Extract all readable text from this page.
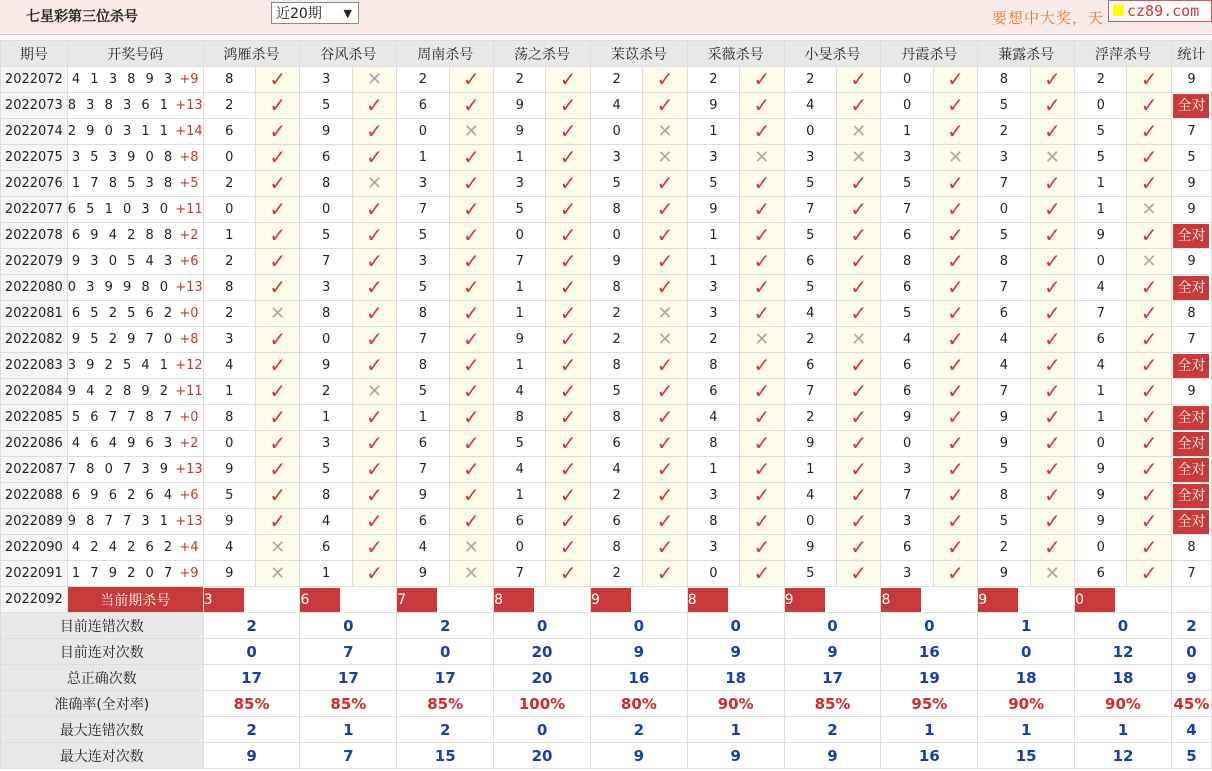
七星彩第三位杀号	近20期 ▼	要想中大奖，天	cz89.com
期号	开奖号码	鸿雁杀号		谷风杀号		周南杀号		荡之杀号		茉苡杀号		采薇杀号		小旻杀号		丹霞杀号		蒹露杀号		浮萍杀号		统计
2022072	4 1 3 8 9 3 +9	8	✓	3	✕	2	✓	2	✓	2	✓	2	✓	2	✓	0	✓	8	✓	2	✓	9
2022073	8 3 8 3 6 1 +13	2	✓	5	✓	6	✓	9	✓	4	✓	9	✓	4	✓	0	✓	5	✓	0	✓	全对
2022074	2 9 0 3 1 1 +14	6	✓	9	✓	0	✕	9	✓	0	✕	1	✓	0	✕	1	✓	2	✓	5	✓	7
2022075	3 5 3 9 0 8 +8	0	✓	6	✓	1	✓	1	✓	3	✕	3	✕	3	✕	3	✕	3	✕	5	✓	5
2022076	1 7 8 5 3 8 +5	2	✓	8	✕	3	✓	3	✓	5	✓	5	✓	5	✓	5	✓	7	✓	1	✓	9
2022077	6 5 1 0 3 0 +11	0	✓	0	✓	7	✓	5	✓	8	✓	9	✓	7	✓	7	✓	0	✓	1	✕	9
2022078	6 9 4 2 8 8 +2	1	✓	5	✓	5	✓	0	✓	0	✓	1	✓	5	✓	6	✓	5	✓	9	✓	全对
2022079	9 3 0 5 4 3 +6	2	✓	7	✓	3	✓	7	✓	9	✓	1	✓	6	✓	8	✓	8	✓	0	✕	9
2022080	0 3 9 9 8 0 +13	8	✓	3	✓	5	✓	1	✓	8	✓	3	✓	5	✓	6	✓	7	✓	4	✓	全对
2022081	6 5 2 5 6 2 +0	2	✕	8	✓	8	✓	1	✓	2	✕	3	✓	4	✓	5	✓	6	✓	7	✓	8
2022082	9 5 2 9 7 0 +8	3	✓	0	✓	7	✓	9	✓	2	✕	2	✕	2	✕	4	✓	4	✓	6	✓	7
2022083	3 9 2 5 4 1 +12	4	✓	9	✓	8	✓	1	✓	8	✓	8	✓	6	✓	6	✓	4	✓	4	✓	全对
2022084	9 4 2 8 9 2 +11	1	✓	2	✕	5	✓	4	✓	5	✓	6	✓	7	✓	6	✓	7	✓	1	✓	9
2022085	5 6 7 7 8 7 +0	8	✓	1	✓	1	✓	8	✓	8	✓	4	✓	2	✓	9	✓	9	✓	1	✓	全对
2022086	4 6 4 9 6 3 +2	0	✓	3	✓	6	✓	5	✓	6	✓	8	✓	9	✓	0	✓	9	✓	0	✓	全对
2022087	7 8 0 7 3 9 +13	9	✓	5	✓	7	✓	4	✓	4	✓	1	✓	1	✓	3	✓	5	✓	9	✓	全对
2022088	6 9 6 2 6 4 +6	5	✓	8	✓	9	✓	1	✓	2	✓	3	✓	4	✓	7	✓	8	✓	9	✓	全对
2022089	9 8 7 7 3 1 +13	9	✓	4	✓	6	✓	6	✓	6	✓	8	✓	0	✓	3	✓	5	✓	9	✓	全对
2022090	4 2 4 2 6 2 +4	4	✕	6	✓	4	✕	0	✓	8	✓	3	✓	9	✓	6	✓	2	✓	0	✓	8
2022091	1 7 9 2 0 7 +9	9	✕	1	✓	9	✕	7	✓	2	✓	0	✓	5	✓	3	✓	9	✕	6	✓	7
2022092	当前期杀号	3		6		7		8		9		8		9		8		9		0		
目前连错次数		2		0		2		0		0		0		0		0		1		0		2
目前连对次数		0		7		0		20		9		9		9		16		0		12		0
总正确次数		17		17		17		20		16		18		17		19		18		18		9
准确率(全对率)		85%		85%		85%		100%		80%		90%		85%		95%		90%		90%		45%
最大连错次数		2		1		2		0		2		1		2		1		1		1		4
最大连对次数		9		7		15		20		9		9		9		16		15		12		5
